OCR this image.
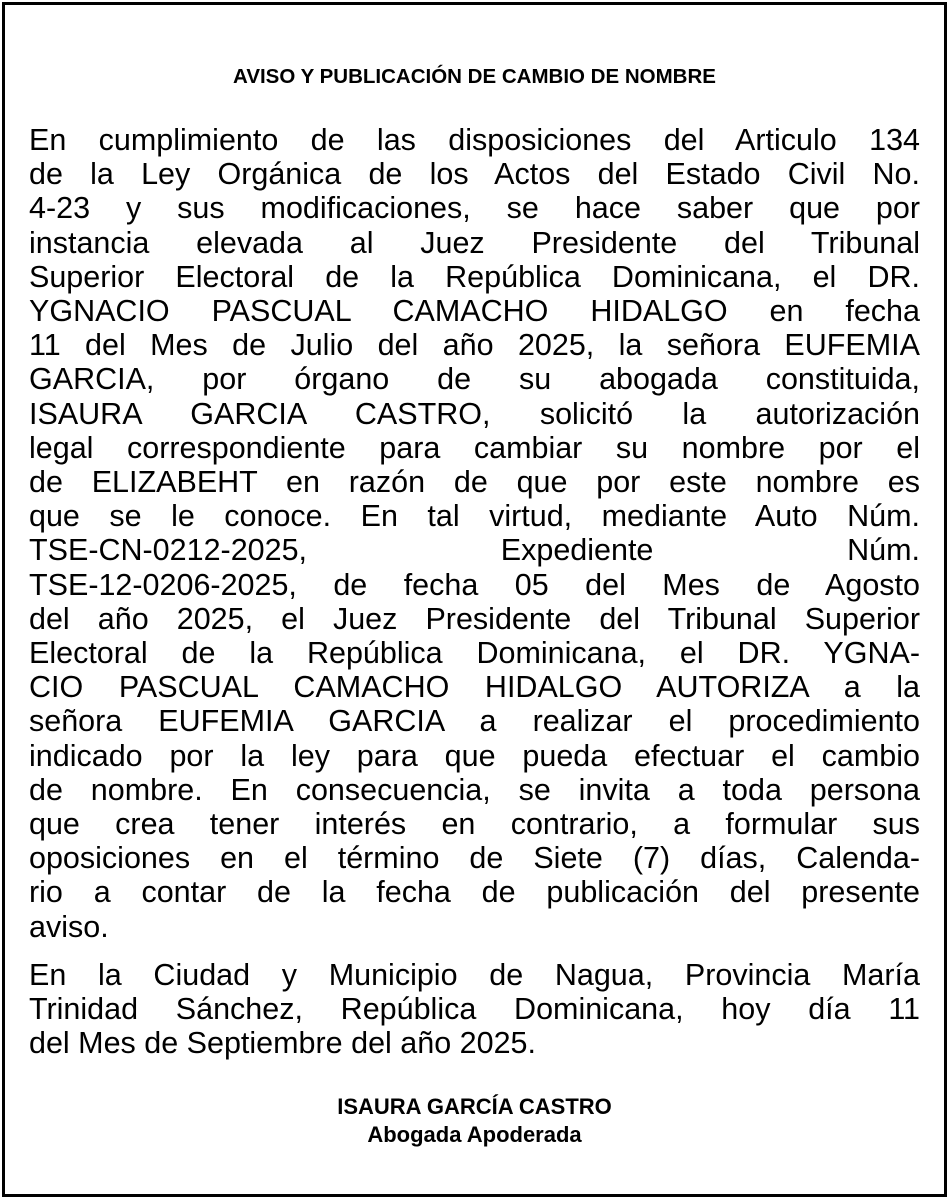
AVISO Y PUBLICACIÓN DE CAMBIO DE NOMBRE
En cumplimiento de las disposiciones del Articulo 134
de la Ley Orgánica de los Actos del Estado Civil No.
4-23 y sus modificaciones, se hace saber que por
instancia elevada al Juez Presidente del Tribunal
Superior Electoral de la República Dominicana, el DR.
YGNACIO PASCUAL CAMACHO HIDALGO en fecha
11 del Mes de Julio del año 2025, la señora EUFEMIA
GARCIA, por órgano de su abogada constituida,
ISAURA GARCIA CASTRO, solicitó la autorización
legal correspondiente para cambiar su nombre por el
de ELIZABEHT en razón de que por este nombre es
que se le conoce. En tal virtud, mediante Auto Núm.
TSE-CN-0212-2025, Expediente Núm.
TSE-12-0206-2025, de fecha 05 del Mes de Agosto
del año 2025, el Juez Presidente del Tribunal Superior
Electoral de la República Dominicana, el DR. YGNA-
CIO PASCUAL CAMACHO HIDALGO AUTORIZA a la
señora EUFEMIA GARCIA a realizar el procedimiento
indicado por la ley para que pueda efectuar el cambio
de nombre. En consecuencia, se invita a toda persona
que crea tener interés en contrario, a formular sus
oposiciones en el término de Siete (7) días, Calenda-
rio a contar de la fecha de publicación del presente
aviso.
En la Ciudad y Municipio de Nagua, Provincia María
Trinidad Sánchez, República Dominicana, hoy día 11
del Mes de Septiembre del año 2025.
ISAURA GARCÍA CASTRO
Abogada Apoderada
